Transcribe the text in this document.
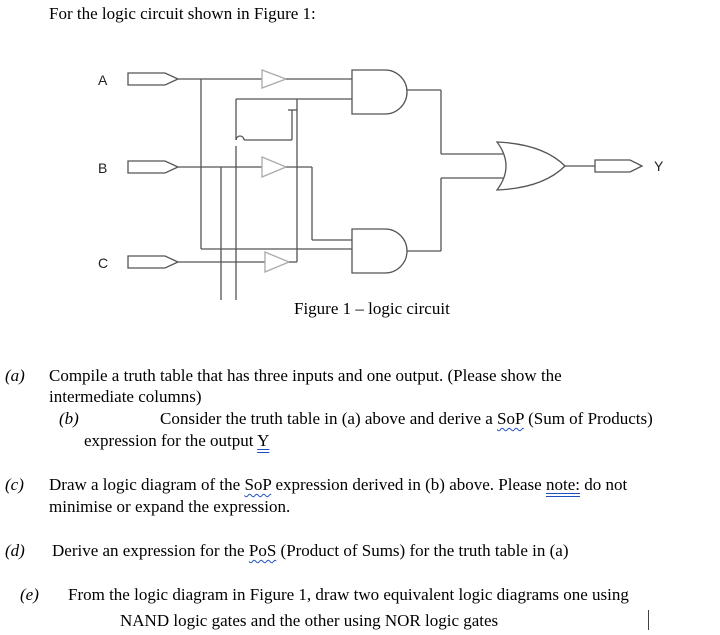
For the logic circuit shown in Figure 1:
A
B
C
Y
Figure 1 – logic circuit
(a) Compile a truth table that has three inputs and one output. (Please show the
intermediate columns)
(b)	Consider the truth table in (a) above and derive a SoP (Sum of Products)
expression for the output Y
(c) Draw a logic diagram of the SoP expression derived in (b) above. Please note: do not
minimise or expand the expression.
(d) Derive an expression for the PoS (Product of Sums) for the truth table in (a)
(e) From the logic diagram in Figure 1, draw two equivalent logic diagrams one using
NAND logic gates and the other using NOR logic gates
